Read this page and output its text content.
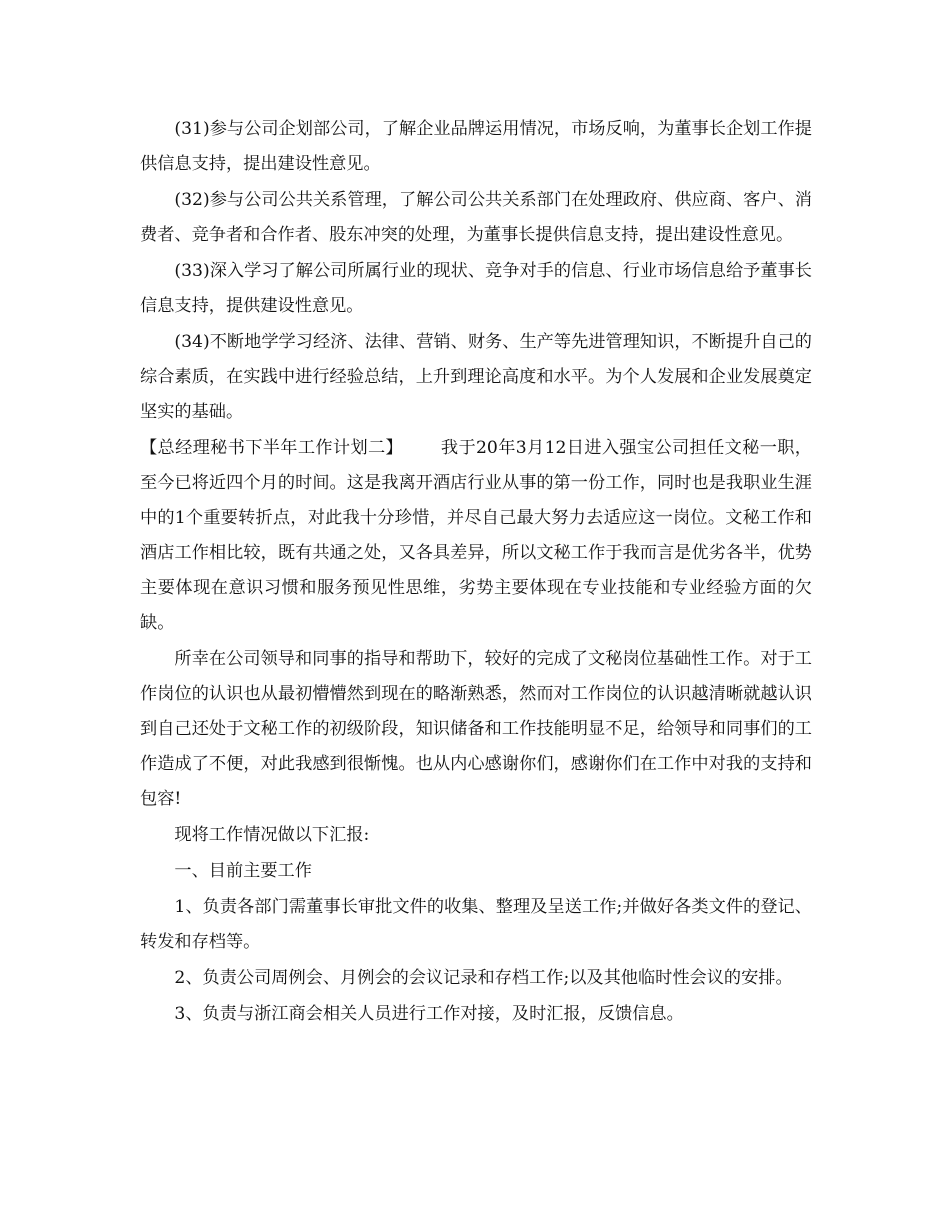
(31)参与公司企划部公司，了解企业品牌运用情况，市场反响，为董事长企划工作提供信息支持，提出建设性意见。

(32)参与公司公共关系管理，了解公司公共关系部门在处理政府、供应商、客户、消费者、竞争者和合作者、股东冲突的处理，为董事长提供信息支持，提出建设性意见。

(33)深入学习了解公司所属行业的现状、竞争对手的信息、行业市场信息给予董事长信息支持，提供建设性意见。

(34)不断地学学习经济、法律、营销、财务、生产等先进管理知识，不断提升自己的综合素质，在实践中进行经验总结，上升到理论高度和水平。为个人发展和企业发展奠定坚实的基础。

【总经理秘书下半年工作计划二】 我于20年3月12日进入强宝公司担任文秘一职，至今已将近四个月的时间。这是我离开酒店行业从事的第一份工作，同时也是我职业生涯中的1个重要转折点，对此我十分珍惜，并尽自己最大努力去适应这一岗位。文秘工作和酒店工作相比较，既有共通之处，又各具差异，所以文秘工作于我而言是优劣各半，优势主要体现在意识习惯和服务预见性思维，劣势主要体现在专业技能和专业经验方面的欠缺。

所幸在公司领导和同事的指导和帮助下，较好的完成了文秘岗位基础性工作。对于工作岗位的认识也从最初懵懵然到现在的略渐熟悉，然而对工作岗位的认识越清晰就越认识到自己还处于文秘工作的初级阶段，知识储备和工作技能明显不足，给领导和同事们的工作造成了不便，对此我感到很惭愧。也从内心感谢你们，感谢你们在工作中对我的支持和包容!

现将工作情况做以下汇报:

一、目前主要工作

1、负责各部门需董事长审批文件的收集、整理及呈送工作;并做好各类文件的登记、转发和存档等。

2、负责公司周例会、月例会的会议记录和存档工作;以及其他临时性会议的安排。

3、负责与浙江商会相关人员进行工作对接，及时汇报，反馈信息。
